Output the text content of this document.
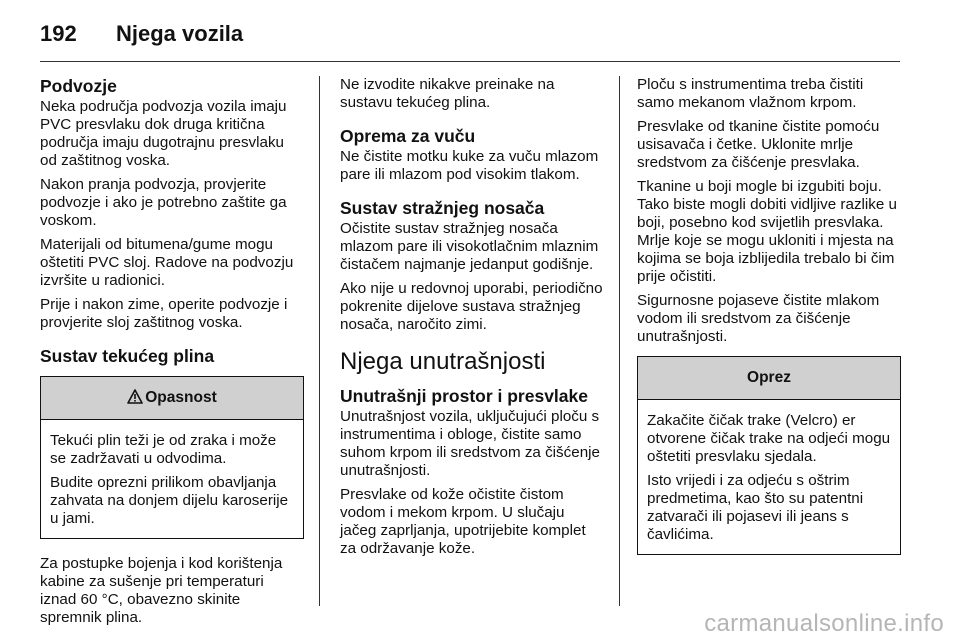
192	Njega vozila
Podvozje

Neka područja podvozja vozila imaju PVC presvlaku dok druga kritična područja imaju dugotrajnu presvlaku od zaštitnog voska.

Nakon pranja podvozja, provjerite podvozje i ako je potrebno zaštite ga voskom.

Materijali od bitumena/gume mogu oštetiti PVC sloj. Radove na podvozju izvršite u radionici.

Prije i nakon zime, operite podvozje i provjerite sloj zaštitnog voska.

Sustav tekućeg plina
Opasnost

Tekući plin teži je od zraka i može se zadržavati u odvodima.

Budite oprezni prilikom obavljanja zahvata na donjem dijelu karoserije u jami.

Za postupke bojenja i kod korištenja kabine za sušenje pri temperaturi iznad 60 °C, obavezno skinite spremnik plina.

Ne izvodite nikakve preinake na sustavu tekućeg plina.

Oprema za vuču

Ne čistite motku kuke za vuču mlazom pare ili mlazom pod visokim tlakom.

Sustav stražnjeg nosača

Očistite sustav stražnjeg nosača mlazom pare ili visokotlačnim mlaznim čistačem najmanje jedanput godišnje.

Ako nije u redovnoj uporabi, periodično pokrenite dijelove sustava stražnjeg nosača, naročito zimi.

Njega unutrašnjosti
Unutrašnji prostor i presvlake

Unutrašnjost vozila, uključujući ploču s instrumentima i obloge, čistite samo suhom krpom ili sredstvom za čišćenje unutrašnjosti.

Presvlake od kože očistite čistom vodom i mekom krpom. U slučaju jačeg zaprljanja, upotrijebite komplet za održavanje kože.

Ploču s instrumentima treba čistiti samo mekanom vlažnom krpom.

Presvlake od tkanine čistite pomoću usisavača i četke. Uklonite mrlje sredstvom za čišćenje presvlaka.

Tkanine u boji mogle bi izgubiti boju. Tako biste mogli dobiti vidljive razlike u boji, posebno kod svijetlih presvlaka. Mrlje koje se mogu ukloniti i mjesta na kojima se boja izblijedila trebalo bi čim prije očistiti.

Sigurnosne pojaseve čistite mlakom vodom ili sredstvom za čišćenje unutrašnjosti.

Oprez

Zakačite čičak trake (Velcro) er otvorene čičak trake na odjeći mogu oštetiti presvlaku sjedala.

Isto vrijedi i za odjeću s oštrim predmetima, kao što su patentni zatvarači ili pojasevi ili jeans s čavlićima.

carmanualsonline.info
